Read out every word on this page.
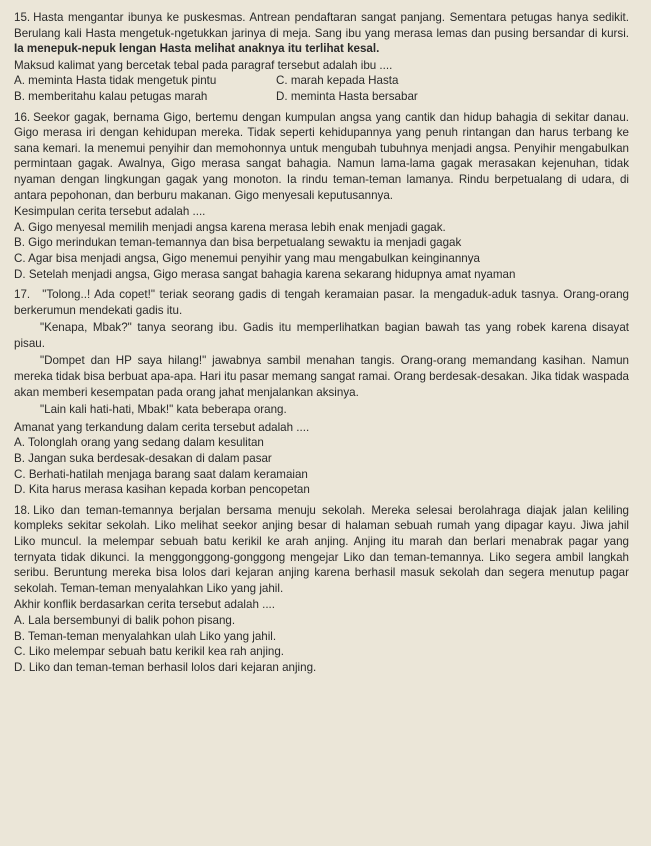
15. Hasta mengantar ibunya ke puskesmas. Antrean pendaftaran sangat panjang. Sementara petugas hanya sedikit. Berulang kali Hasta mengetuk-ngetukkan jarinya di meja. Sang ibu yang merasa lemas dan pusing bersandar di kursi. Ia menepuk-nepuk lengan Hasta melihat anaknya itu terlihat kesal.
Maksud kalimat yang bercetak tebal pada paragraf tersebut adalah ibu ....
A. meminta Hasta tidak mengetuk pintu	C. marah kepada Hasta
B. memberitahu kalau petugas marah	D. meminta Hasta bersabar
16. Seekor gagak, bernama Gigo, bertemu dengan kumpulan angsa yang cantik dan hidup bahagia di sekitar danau. Gigo merasa iri dengan kehidupan mereka. Tidak seperti kehidupannya yang penuh rintangan dan harus terbang ke sana kemari. Ia menemui penyihir dan memohonnya untuk mengubah tubuhnya menjadi angsa. Penyihir mengabulkan permintaan gagak. Awalnya, Gigo merasa sangat bahagia. Namun lama-lama gagak merasakan kejenuhan, tidak nyaman dengan lingkungan gagak yang monoton. Ia rindu teman-teman lamanya. Rindu berpetualang di udara, di antara pepohonan, dan berburu makanan. Gigo menyesali keputusannya.
Kesimpulan cerita tersebut adalah ....
A. Gigo menyesal memilih menjadi angsa karena merasa lebih enak menjadi gagak.
B. Gigo merindukan teman-temannya dan bisa berpetualang sewaktu ia menjadi gagak
C. Agar bisa menjadi angsa, Gigo menemui penyihir yang mau mengabulkan keinginannya
D. Setelah menjadi angsa, Gigo merasa sangat bahagia karena sekarang hidupnya amat nyaman
17. "Tolong..! Ada copet!" teriak seorang gadis di tengah keramaian pasar. Ia mengaduk-aduk tasnya. Orang-orang berkerumun mendekati gadis itu.
"Kenapa, Mbak?" tanya seorang ibu. Gadis itu memperlihatkan bagian bawah tas yang robek karena disayat pisau.
"Dompet dan HP saya hilang!" jawabnya sambil menahan tangis. Orang-orang memandang kasihan. Namun mereka tidak bisa berbuat apa-apa. Hari itu pasar memang sangat ramai. Orang berdesak-desakan. Jika tidak waspada akan memberi kesempatan pada orang jahat menjalankan aksinya.
"Lain kali hati-hati, Mbak!" kata beberapa orang.
Amanat yang terkandung dalam cerita tersebut adalah ....
A. Tolonglah orang yang sedang dalam kesulitan
B. Jangan suka berdesak-desakan di dalam pasar
C. Berhati-hatilah menjaga barang saat dalam keramaian
D. Kita harus merasa kasihan kepada korban pencopetan
18. Liko dan teman-temannya berjalan bersama menuju sekolah. Mereka selesai berolahraga diajak jalan keliling kompleks sekitar sekolah. Liko melihat seekor anjing besar di halaman sebuah rumah yang dipagar kayu. Jiwa jahil Liko muncul. Ia melempar sebuah batu kerikil ke arah anjing. Anjing itu marah dan berlari menabrak pagar yang ternyata tidak dikunci. Ia menggonggong-gonggong mengejar Liko dan teman-temannya. Liko segera ambil langkah seribu. Beruntung mereka bisa lolos dari kejaran anjing karena berhasil masuk sekolah dan segera menutup pagar sekolah. Teman-teman menyalahkan Liko yang jahil.
Akhir konflik berdasarkan cerita tersebut adalah ....
A. Lala bersembunyi di balik pohon pisang.
B. Teman-teman menyalahkan ulah Liko yang jahil.
C. Liko melempar sebuah batu kerikil kea rah anjing.
D. Liko dan teman-teman berhasil lolos dari kejaran anjing.
